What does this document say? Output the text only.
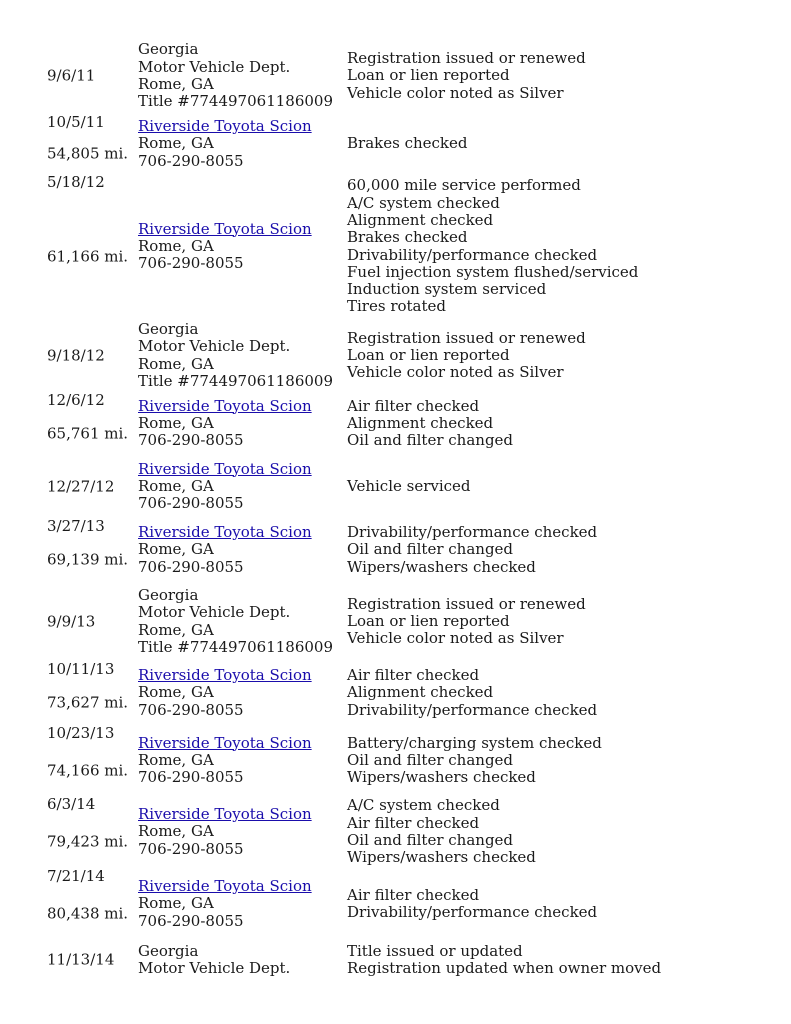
9/6/11
Georgia
Motor Vehicle Dept.
Rome, GA
Title #774497061186009
Registration issued or renewed
Loan or lien reported
Vehicle color noted as Silver
10/5/11
54,805 mi.
Riverside Toyota Scion
Rome, GA
706-290-8055
Brakes checked
5/18/12
61,166 mi.
Riverside Toyota Scion
Rome, GA
706-290-8055
60,000 mile service performed
A/C system checked
Alignment checked
Brakes checked
Drivability/performance checked
Fuel injection system flushed/serviced
Induction system serviced
Tires rotated
9/18/12
Georgia
Motor Vehicle Dept.
Rome, GA
Title #774497061186009
Registration issued or renewed
Loan or lien reported
Vehicle color noted as Silver
12/6/12
65,761 mi.
Riverside Toyota Scion
Rome, GA
706-290-8055
Air filter checked
Alignment checked
Oil and filter changed
12/27/12
Riverside Toyota Scion
Rome, GA
706-290-8055
Vehicle serviced
3/27/13
69,139 mi.
Riverside Toyota Scion
Rome, GA
706-290-8055
Drivability/performance checked
Oil and filter changed
Wipers/washers checked
9/9/13
Georgia
Motor Vehicle Dept.
Rome, GA
Title #774497061186009
Registration issued or renewed
Loan or lien reported
Vehicle color noted as Silver
10/11/13
73,627 mi.
Riverside Toyota Scion
Rome, GA
706-290-8055
Air filter checked
Alignment checked
Drivability/performance checked
10/23/13
74,166 mi.
Riverside Toyota Scion
Rome, GA
706-290-8055
Battery/charging system checked
Oil and filter changed
Wipers/washers checked
6/3/14
79,423 mi.
Riverside Toyota Scion
Rome, GA
706-290-8055
A/C system checked
Air filter checked
Oil and filter changed
Wipers/washers checked
7/21/14
80,438 mi.
Riverside Toyota Scion
Rome, GA
706-290-8055
Air filter checked
Drivability/performance checked
11/13/14 Georgia
Motor Vehicle Dept.
Title issued or updated
Registration updated when owner moved
